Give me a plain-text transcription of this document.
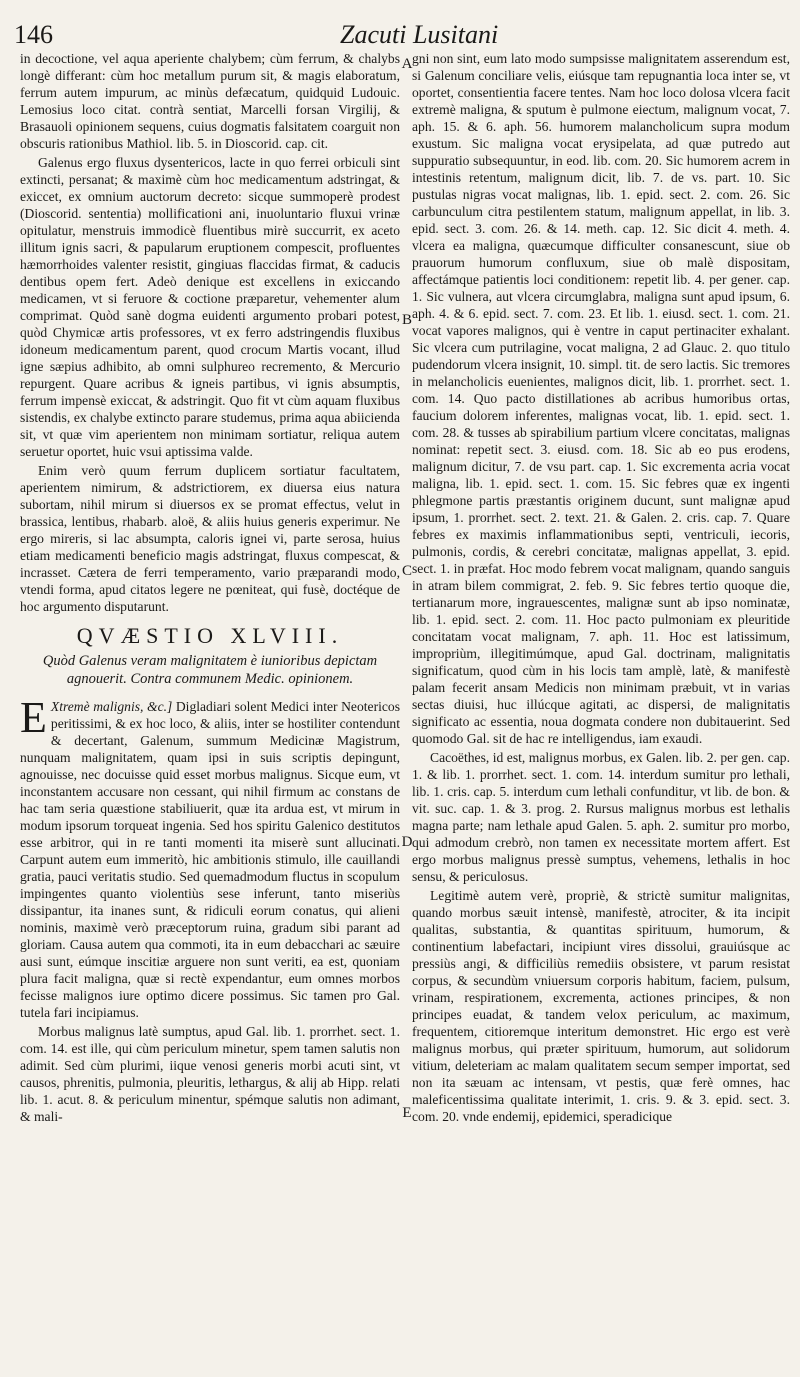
146	Zacuti Lusitani
A
B
C
D
E

in decoctione, vel aqua aperiente chalybem; cùm ferrum, & chalybs longè differant: cùm hoc metallum purum sit, & magis elaboratum, ferrum autem impurum, ac minùs defæcatum, quidquid Ludouic. Lemosius loco citat. contrà sentiat, Marcelli forsan Virgilij, & Brasauoli opinionem sequens, cuius dogmatis falsitatem coarguit non obscuris rationibus Mathiol. lib. 5. in Dioscorid. cap. cit.

Galenus ergo fluxus dysentericos, lacte in quo ferrei orbiculi sint extincti, persanat; & maximè cùm hoc medicamentum adstringat, & exiccet, ex omnium auctorum decreto: sicque summoperè prodest (Dioscorid. sententia) mollificationi ani, inuoluntario fluxui vrinæ opitulatur, menstruis immodicè fluentibus mirè succurrit, ex aceto illitum ignis sacri, & papularum eruptionem compescit, profluentes hæmorrhoides valenter resistit, gingiuas flaccidas firmat, & caducis dentibus opem fert. Adeò denique est excellens in exiccando medicamen, vt si feruore & coctione præparetur, vehementer alum comprimat. Quòd sanè dogma euidenti argumento probari potest, quòd Chymicæ artis professores, vt ex ferro adstringendis fluxibus idoneum medicamentum parent, quod crocum Martis vocant, illud igne sæpius adhibito, ab omni sulphureo recremento, & Mercurio repurgent. Quare acribus & igneis partibus, vi ignis absumptis, ferrum impensè exiccat, & adstringit. Quo fit vt cùm aquam fluxibus sistendis, ex chalybe extincto parare studemus, prima aqua abiicienda sit, vt quæ vim aperientem non minimam sortiatur, reliqua autem seruetur oportet, huic vsui aptissima valde.

Enim verò quum ferrum duplicem sortiatur facultatem, aperientem nimirum, & adstrictiorem, ex diuersa eius natura subortam, nihil mirum si diuersos ex se promat effectus, velut in brassica, lentibus, rhabarb. aloë, & aliis huius generis experimur. Ne ergo mireris, si lac absumpta, caloris ignei vi, parte serosa, huius etiam medicamenti beneficio magis adstringat, fluxus compescat, & incrasset. Cætera de ferri temperamento, vario præparandi modo, vtendi forma, apud citatos legere ne pœniteat, qui fusè, doctéque de hoc argumento disputarunt.

QVÆSTIO XLVIII.
Quòd Galenus veram malignitatem è iunioribus depictam agnouerit. Contra communem Medic. opinionem.

E Xtremè malignis, &c.] Digladiari solent Medici inter Neotericos peritissimi, & ex hoc loco, & aliis, inter se hostiliter contendunt & decertant, Galenum, summum Medicinæ Magistrum, nunquam malignitatem, quam ipsi in suis scriptis depingunt, agnouisse, nec docuisse quid esset morbus malignus. Sicque eum, vt inconstantem accusare non cessant, qui nihil firmum ac constans de hac tam seria quæstione stabiliuerit, quæ ita ardua est, vt mirum in modum ipsorum torqueat ingenia. Sed hos spiritu Galenico destitutos esse arbitror, qui in re tanti momenti ita miserè sunt allucinati. Carpunt autem eum immeritò, hic ambitionis stimulo, ille cauillandi gratia, pauci veritatis studio. Sed quemadmodum fluctus in scopulum impingentes quanto violentiùs sese inferunt, tanto miseriùs dissipantur, ita inanes sunt, & ridiculi eorum conatus, qui alieni nominis, maximè verò præceptorum ruina, gradum sibi parant ad gloriam. Causa autem qua commoti, ita in eum debacchari ac sæuire ausi sunt, eúmque inscitiæ arguere non sunt veriti, ea est, quoniam plura facit maligna, quæ si rectè expendantur, eum omnes morbos fecisse malignos iure optimo dicere possimus. Sic tamen pro Gal. tutela fari incipiamus.

Morbus malignus latè sumptus, apud Gal. lib. 1. prorrhet. sect. 1. com. 14. est ille, qui cùm periculum minetur, spem tamen salutis non adimit. Sed cùm plurimi, iique venosi generis morbi acuti sint, vt causos, phrenitis, pulmonia, pleuritis, lethargus, & alij ab Hipp. relati lib. 1. acut. 8. & periculum minentur, spémque salutis non adimant, & mali-

gni non sint, eum lato modo sumpsisse malignitatem asserendum est, si Galenum conciliare velis, eiúsque tam repugnantia loca inter se, vt oportet, consentientia facere tentes. Nam hoc loco dolosa vlcera facit extremè maligna, & sputum è pulmone eiectum, malignum vocat, 7. aph. 15. & 6. aph. 56. humorem malancholicum supra modum exustum. Sic maligna vocat erysipelata, ad quæ putredo aut suppuratio subsequuntur, in eod. lib. com. 20. Sic humorem acrem in intestinis retentum, malignum dicit, lib. 7. de vs. part. 10. Sic pustulas nigras vocat malignas, lib. 1. epid. sect. 2. com. 26. Sic carbunculum citra pestilentem statum, malignum appellat, in lib. 3. epid. sect. 3. com. 26. & 14. meth. cap. 12. Sic dicit 4. meth. 4. vlcera ea maligna, quæcumque difficulter consanescunt, siue ob prauorum humorum confluxum, siue ob malè dispositam, affectámque patientis loci conditionem: repetit lib. 4. per gener. cap. 1. Sic vulnera, aut vlcera circumglabra, maligna sunt apud ipsum, 6. aph. 4. & 6. epid. sect. 7. com. 23. Et lib. 1. eiusd. sect. 1. com. 21. vocat vapores malignos, qui è ventre in caput pertinaciter exhalant. Sic vlcera cum putrilagine, vocat maligna, 2 ad Glauc. 2. quo titulo pudendorum vlcera insignit, 10. simpl. tit. de sero lactis. Sic tremores in melancholicis euenientes, malignos dicit, lib. 1. prorrhet. sect. 1. com. 14. Quo pacto distillationes ab acribus humoribus ortas, faucium dolorem inferentes, malignas vocat, lib. 1. epid. sect. 1. com. 28. & tusses ab spirabilium partium vlcere concitatas, malignas nominat: repetit sect. 3. eiusd. com. 18. Sic ab eo pus erodens, malignum dicitur, 7. de vsu part. cap. 1. Sic excrementa acria vocat maligna, lib. 1. epid. sect. 1. com. 15. Sic febres quæ ex ingenti phlegmone partis præstantis originem ducunt, sunt malignæ apud ipsum, 1. prorrhet. sect. 2. text. 21. & Galen. 2. cris. cap. 7. Quare febres ex maximis inflammationibus septi, ventriculi, iecoris, pulmonis, cordis, & cerebri concitatæ, malignas appellat, 3. epid. sect. 1. in præfat. Hoc modo febrem vocat malignam, quando sanguis in atram bilem commigrat, 2. feb. 9. Sic febres tertio quoque die, tertianarum more, ingrauescentes, malignæ sunt ab ipso nominatæ, lib. 1. epid. sect. 2. com. 11. Hoc pacto pulmoniam ex pleuritide concitatam vocat malignam, 7. aph. 11. Hoc est latissimum, impropriùm, illegitimúmque, apud Gal. doctrinam, malignitatis significatum, quod cùm in his locis tam amplè, latè, & manifestè palam fecerit ansam Medicis non minimam præbuit, vt in varias sectas diuisi, huc illúcque agitati, ac dispersi, de malignitatis significato ac essentia, noua dogmata condere non dubitauerint. Sed quomodo Gal. sit de hac re intelligendus, iam exaudi.

Cacoëthes, id est, malignus morbus, ex Galen. lib. 2. per gen. cap. 1. & lib. 1. prorrhet. sect. 1. com. 14. interdum sumitur pro lethali, lib. 1. cris. cap. 5. interdum cum lethali confunditur, vt lib. de bon. & vit. suc. cap. 1. & 3. prog. 2. Rursus malignus morbus est lethalis magna parte; nam lethale apud Galen. 5. aph. 2. sumitur pro morbo, qui admodum crebrò, non tamen ex necessitate mortem affert. Est ergo morbus malignus pressè sumptus, vehemens, lethalis in hoc sensu, & periculosus.

Legitimè autem verè, propriè, & strictè sumitur malignitas, quando morbus sæuit intensè, manifestè, atrociter, & ita incipit qualitas, substantia, & quantitas spirituum, humorum, & continentium labefactari, incipiunt vires dissolui, grauiúsque ac pressiùs angi, & difficiliùs remediis obsistere, vt parum resistat corpus, & secundùm vniuersum corporis habitum, faciem, pulsum, vrinam, respirationem, excrementa, actiones principes, & non principes euadat, & tandem velox periculum, ac maximum, frequentem, citioremque interitum demonstret. Hic ergo est verè malignus morbus, qui præter spirituum, humorum, aut solidorum vitium, deleteriam ac malam qualitatem secum semper importat, sed non ita sæuam ac intensam, vt pestis, quæ ferè omnes, hac maleficentissima qualitate interimit, 1. cris. 9. & 3. epid. sect. 3. com. 20. vnde endemij, epidemici, speradicique
